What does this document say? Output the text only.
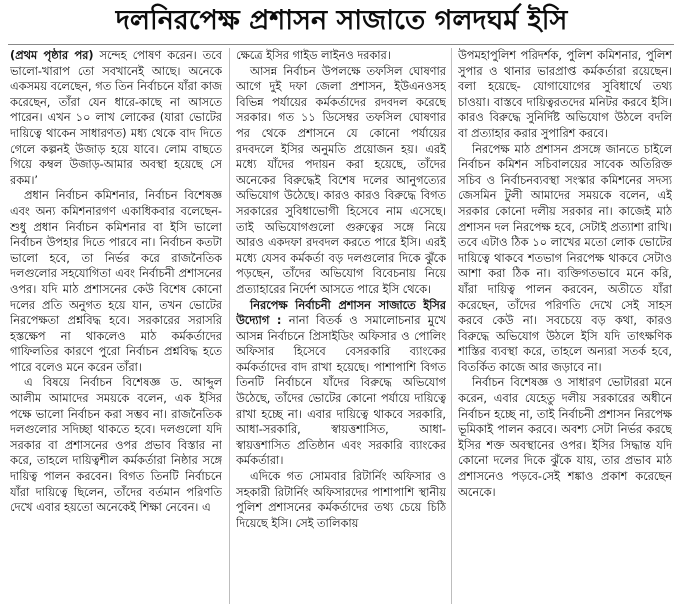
দলনিরপেক্ষ প্রশাসন সাজাতে গলদঘর্ম ইসি

(প্রথম পৃষ্ঠার পর) সন্দেহ পোষণ করেন। তবে ভালো-খারাপ তো সবখানেই আছে। অনেকে একসময় বলেছেন, গত তিন নির্বাচনে যাঁরা কাজ করেছেন, তাঁরা যেন ধারে-কাছে না আসতে পারেন। এখন ১০ লাখ লোকের (যারা ভোটের দায়িত্বে থাকেন সাধারণত) মধ্য থেকে বাদ দিতে গেলে কল্পনই উজাড় হয়ে যাবে। লোম বাছতে গিয়ে কম্বল উজাড়-আমার অবস্থা হয়েছে সে রকম।’

প্রধান নির্বাচন কমিশনার, নির্বাচন বিশেষজ্ঞ এবং অন্য কমিশনারগণ একাধিকবার বলেছেন- শুধু প্রধান নির্বাচন কমিশনার বা ইসি ভালো নির্বাচন উপহার দিতে পারবে না। নির্বাচন কতটা ভালো হবে, তা নির্ভর করে রাজনৈতিক দলগুলোর সহযোগিতা এবং নির্বাচনী প্রশাসনের ওপর। যদি মাঠ প্রশাসনের কেউ বিশেষ কোনো দলের প্রতি অনুগত হয়ে যান, তখন ভোটের নিরপেক্ষতা প্রশ্নবিদ্ধ হবে। সরকারের সরাসরি হস্তক্ষেপ না থাকলেও মাঠ কর্মকর্তাদের গাফিলতির কারণে পুরো নির্বাচন প্রশ্নবিদ্ধ হতে পারে বলেও মনে করেন তাঁরা।

এ বিষয়ে নির্বাচন বিশেষজ্ঞ ড. আব্দুল আলীম আমাদের সময়কে বলেন, এক ইসির পক্ষে ভালো নির্বাচন করা সম্ভব না। রাজনৈতিক দলগুলোর সদিচ্ছা থাকতে হবে। দলগুলো যদি সরকার বা প্রশাসনের ওপর প্রভাব বিস্তার না করে, তাহলে দায়িত্বশীল কর্মকর্তারা নিষ্ঠার সঙ্গে দায়িত্ব পালন করবেন। বিগত তিনটি নির্বাচনে যাঁরা দায়িত্বে ছিলেন, তাঁদের বর্তমান পরিণতি দেখে এবার হয়তো অনেকেই শিক্ষা নেবেন। এ

ক্ষেত্রে ইসির গাইড লাইনও দরকার।

আসন্ন নির্বাচন উপলক্ষে তফসিল ঘোষণার আগে দুই দফা জেলা প্রশাসন, ইউএনওসহ বিভিন্ন পর্যায়ের কর্মকর্তাদের রদবদল করেছে সরকার। গত ১১ ডিসেম্বর তফসিল ঘোষণার পর থেকে প্রশাসনে যে কোনো পর্যায়ের রদবদলে ইসির অনুমতি প্রয়োজন হয়। এরই মধ্যে যাঁদের পদায়ন করা হয়েছে, তাঁদের অনেকের বিরুদ্ধেই বিশেষ দলের আনুগত্যের অভিযোগ উঠেছে। কারও কারও বিরুদ্ধে বিগত সরকারের সুবিধাভোগী হিসেবে নাম এসেছে। তাই অভিযোগগুলো গুরুত্বের সঙ্গে নিয়ে আরও একদফা রদবদল করতে পারে ইসি। এরই মধ্যে যেসব কর্মকর্তা বড় দলগুলোর দিকে ঝুঁকে পড়ছেন, তাঁদের অভিযোগ বিবেচনায় নিয়ে প্রত্যাহারের নির্দেশ আসতে পারে ইসি থেকে।

নিরপেক্ষ নির্বাচনী প্রশাসন সাজাতে ইসির উদ্যোগ : নানা বিতর্ক ও সমালোচনার মুখে আসন্ন নির্বাচনে প্রিসাইডিং অফিসার ও পোলিং অফিসার হিসেবে বেসরকারি ব্যাংকের কর্মকর্তাদের বাদ রাখা হয়েছে। পাশাপাশি বিগত তিনটি নির্বাচনে যাঁদের বিরুদ্ধে অভিযোগ উঠেছে, তাঁদের ভোটের কোনো পর্যায়ে দায়িত্বে রাখা হচ্ছে না। এবার দায়িত্বে থাকবে সরকারি, আধা-সরকারি, স্বায়ত্তশাসিত, আধা-স্বায়ত্তশাসিত প্রতিষ্ঠান এবং সরকারি ব্যাংকের কর্মকর্তারা।

এদিকে গত সোমবার রিটার্নিং অফিসার ও সহকারী রিটার্নিং অফিসারদের পাশাপাশি স্থানীয় পুলিশ প্রশাসনের কর্মকর্তাদের তথ্য চেয়ে চিঠি দিয়েছে ইসি। সেই তালিকায়

উপমহাপুলিশ পরিদর্শক, পুলিশ কমিশনার, পুলিশ সুপার ও থানার ভারপ্রাপ্ত কর্মকর্তারা রয়েছেন। বলা হয়েছে- যোগাযোগের সুবিধার্থে তথ্য চাওয়া। বাস্তবে দায়িত্বরতদের মনিটর করবে ইসি। কারও বিরুদ্ধে সুনির্দিষ্ট অভিযোগ উঠলে বদলি বা প্রত্যাহার করার সুপারিশ করবে।

নিরপেক্ষ মাঠ প্রশাসন প্রসঙ্গে জানতে চাইলে নির্বাচন কমিশন সচিবালয়ের সাবেক অতিরিক্ত সচিব ও নির্বাচনব্যবস্থা সংস্কার কমিশনের সদস্য জেসমিন টুলী আমাদের সময়কে বলেন, এই সরকার কোনো দলীয় সরকার না। কাজেই মাঠ প্রশাসন দল নিরপেক্ষ হবে, সেটাই প্রত্যাশা রাখি। তবে এটাও ঠিক ১০ লাখের মতো লোক ভোটের দায়িত্বে থাকবে শতভাগ নিরপেক্ষ থাকবে সেটাও আশা করা ঠিক না। ব্যক্তিগতভাবে মনে করি, যাঁরা দায়িত্ব পালন করবেন, অতীতে যাঁরা করেছেন, তাঁদের পরিণতি দেখে সেই সাহস করবে কেউ না। সবচেয়ে বড় কথা, কারও বিরুদ্ধে অভিযোগ উঠলে ইসি যদি তাৎক্ষণিক শাস্তির ব্যবস্থা করে, তাহলে অন্যরা সতর্ক হবে, বিতর্কিত কাজে আর জড়াবে না।

নির্বাচন বিশেষজ্ঞ ও সাধারণ ভোটাররা মনে করেন, এবার যেহেতু দলীয় সরকারের অধীনে নির্বাচন হচ্ছে না, তাই নির্বাচনী প্রশাসন নিরপেক্ষ ভূমিকাই পালন করবে। অবশ্য সেটা নির্ভর করছে ইসির শক্ত অবস্থানের ওপর। ইসির সিদ্ধান্ত যদি কোনো দলের দিকে ঝুঁকে যায়, তার প্রভাব মাঠ প্রশাসনেও পড়বে-সেই শঙ্কাও প্রকাশ করেছেন অনেকে।
